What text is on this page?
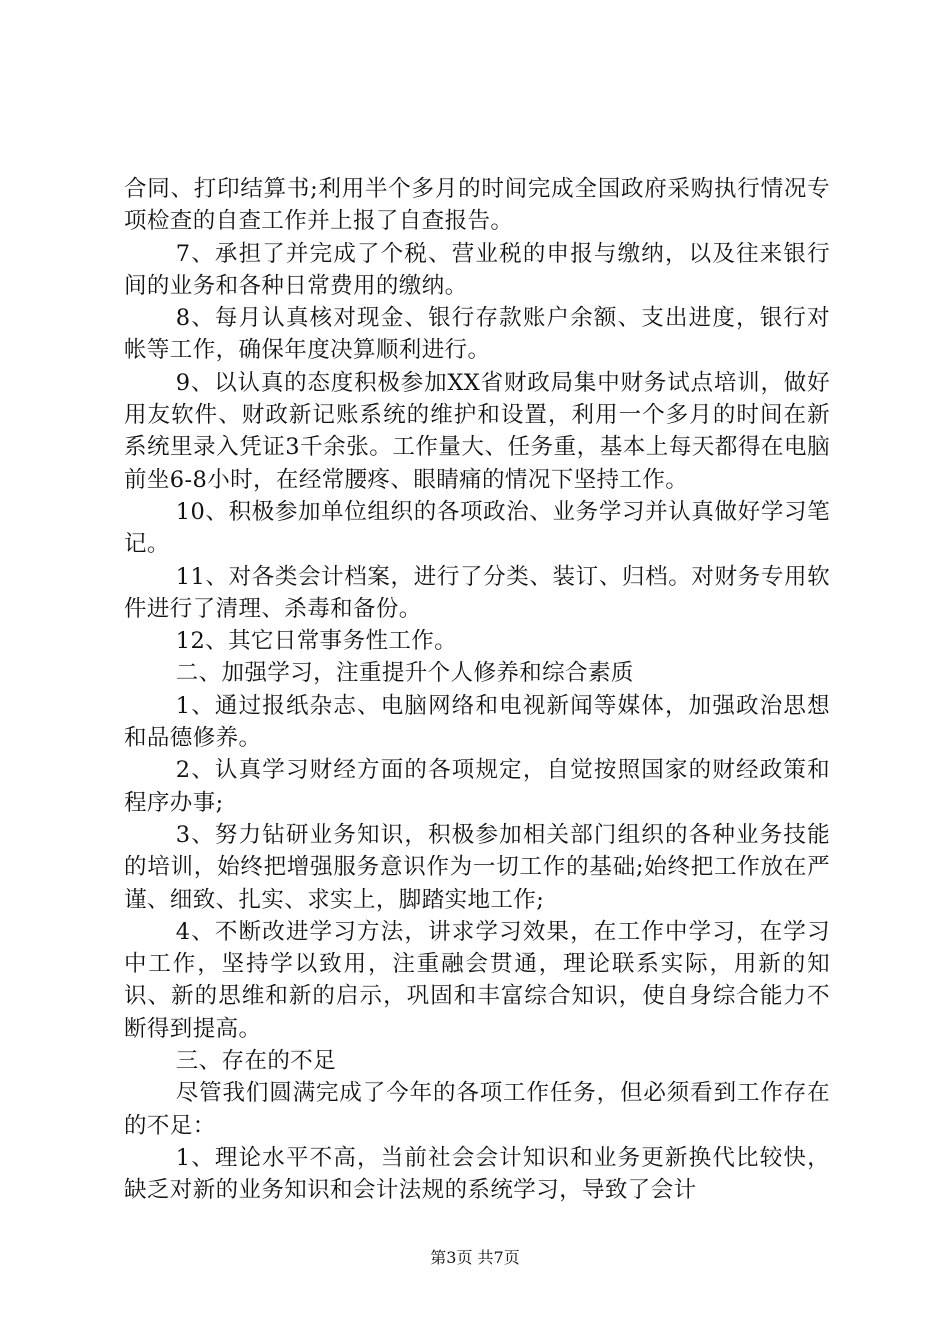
合同、打印结算书;利用半个多月的时间完成全国政府采购执行情况专项检查的自查工作并上报了自查报告。

7、承担了并完成了个税、营业税的申报与缴纳，以及往来银行间的业务和各种日常费用的缴纳。

8、每月认真核对现金、银行存款账户余额、支出进度，银行对帐等工作，确保年度决算顺利进行。

9、以认真的态度积极参加XX省财政局集中财务试点培训，做好用友软件、财政新记账系统的维护和设置，利用一个多月的时间在新系统里录入凭证3千余张。工作量大、任务重，基本上每天都得在电脑前坐6-8小时，在经常腰疼、眼睛痛的情况下坚持工作。

10、积极参加单位组织的各项政治、业务学习并认真做好学习笔记。

11、对各类会计档案，进行了分类、装订、归档。对财务专用软件进行了清理、杀毒和备份。

12、其它日常事务性工作。

二、加强学习，注重提升个人修养和综合素质

1、通过报纸杂志、电脑网络和电视新闻等媒体，加强政治思想和品德修养。

2、认真学习财经方面的各项规定，自觉按照国家的财经政策和程序办事;

3、努力钻研业务知识，积极参加相关部门组织的各种业务技能的培训，始终把增强服务意识作为一切工作的基础;始终把工作放在严谨、细致、扎实、求实上，脚踏实地工作;

4、不断改进学习方法，讲求学习效果，在工作中学习，在学习中工作，坚持学以致用，注重融会贯通，理论联系实际，用新的知识、新的思维和新的启示，巩固和丰富综合知识，使自身综合能力不断得到提高。

三、存在的不足

尽管我们圆满完成了今年的各项工作任务，但必须看到工作存在的不足：

1、理论水平不高，当前社会会计知识和业务更新换代比较快，缺乏对新的业务知识和会计法规的系统学习，导致了会计

第3页 共7页
